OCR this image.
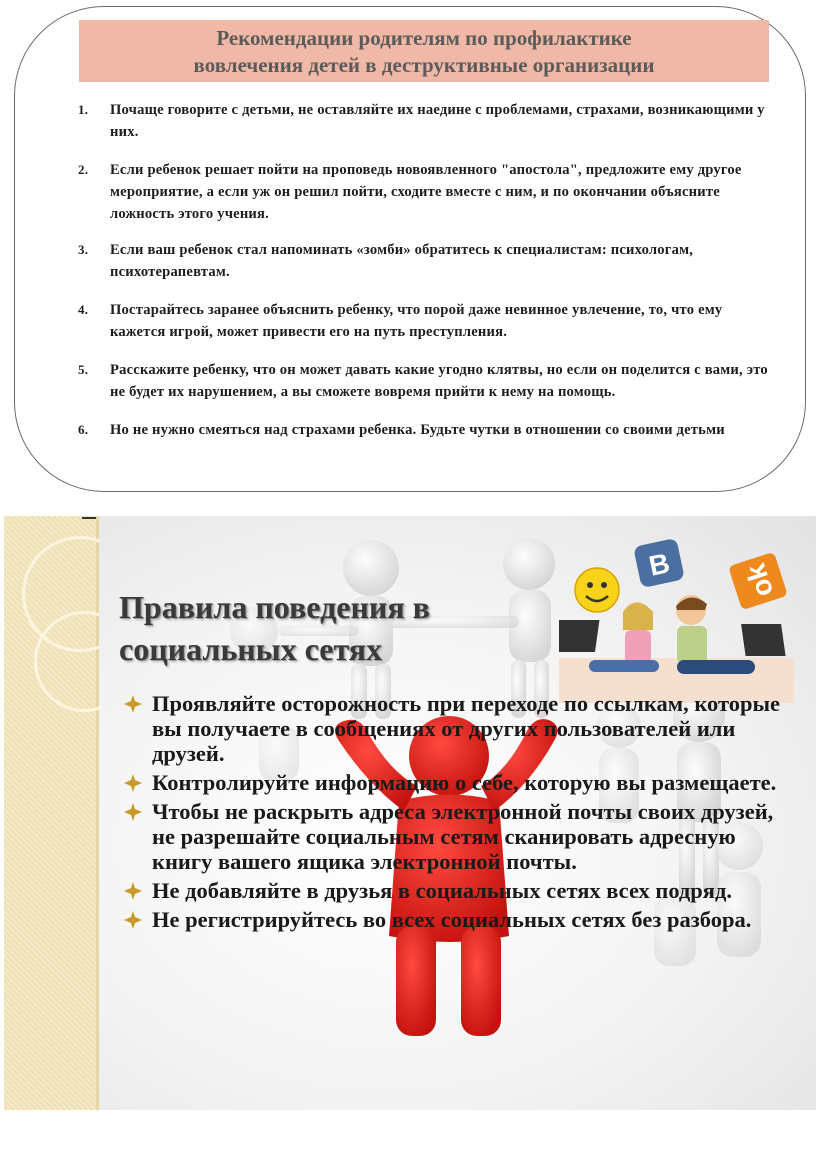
Рекомендации родителям по профилактике
вовлечения детей в деструктивные организации
1. Почаще говорите с детьми, не оставляйте их наедине с проблемами, страхами, возникающими у них.
2. Если ребенок решает пойти на проповедь новоявленного "апостола", предложите ему другое мероприятие, а если уж он решил пойти, сходите вместе с ним, и по окончании объясните ложность этого учения.
3. Если ваш ребенок стал напоминать «зомби» обратитесь к специалистам: психологам, психотерапевтам.
4. Постарайтесь заранее объяснить ребенку, что порой даже невинное увлечение, то, что ему кажется игрой, может привести его на путь преступления.
5. Расскажите ребенку, что он может давать какие угодно клятвы, но если он поделится с вами, это не будет их нарушением, а вы сможете вовремя прийти к нему на помощь.
6. Но не нужно смеяться над страхами ребенка. Будьте чутки в отношении со своими детьми
B ok
Правила поведения в
социальных сетях
Проявляйте осторожность при переходе по ссылкам, которые вы получаете в сообщениях от других пользователей или друзей.
Контролируйте информацию о себе, которую вы размещаете.
Чтобы не раскрыть адреса электронной почты своих друзей, не разрешайте социальным сетям сканировать адресную книгу вашего ящика электронной почты.
Не добавляйте в друзья в социальных сетях всех подряд.
Не регистрируйтесь во всех социальных сетях без разбора.
